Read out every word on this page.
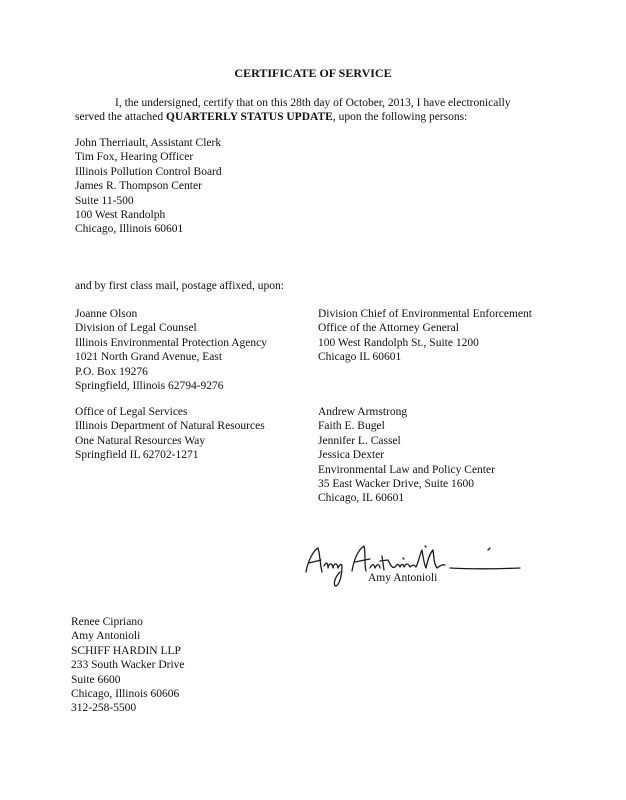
CERTIFICATE OF SERVICE
I, the undersigned, certify that on this 28th day of October, 2013, I have electronically
served the attached QUARTERLY STATUS UPDATE, upon the following persons:
John Therriault, Assistant Clerk
Tim Fox, Hearing Officer
Illinois Pollution Control Board
James R. Thompson Center
Suite 11-500
100 West Randolph
Chicago, Illinois 60601
and by first class mail, postage affixed, upon:
Joanne Olson
Division of Legal Counsel
Illinois Environmental Protection Agency
1021 North Grand Avenue, East
P.O. Box 19276
Springfield, Illinois 62794-9276
Division Chief of Environmental Enforcement
Office of the Attorney General
100 West Randolph St., Suite 1200
Chicago IL 60601
Office of Legal Services
Illinois Department of Natural Resources
One Natural Resources Way
Springfield IL 62702-1271
Andrew Armstrong
Faith E. Bugel
Jennifer L. Cassel
Jessica Dexter
Environmental Law and Policy Center
35 East Wacker Drive, Suite 1600
Chicago, IL 60601
Amy Antonioli
Renee Cipriano
Amy Antonioli
SCHIFF HARDIN LLP
233 South Wacker Drive
Suite 6600
Chicago, Illinois 60606
312-258-5500
